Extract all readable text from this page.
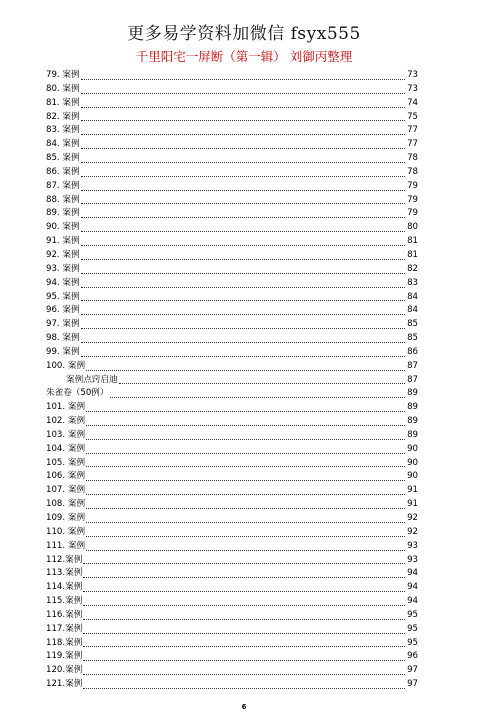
更多易学资料加微信 fsyx555
千里阳宅一屏断（第一辑） 刘御丙整理
79. 案例	73
80. 案例	73
81. 案例	74
82. 案例	75
83. 案例	77
84. 案例	77
85. 案例	78
86. 案例	78
87. 案例	79
88. 案例	79
89. 案例	79
90. 案例	80
91. 案例	81
92. 案例	81
93. 案例	82
94. 案例	83
95. 案例	84
96. 案例	84
97. 案例	85
98. 案例	85
99. 案例	86
100. 案例	87
案例点窍启迪	87
朱雀卷（50例）	89
101. 案例	89
102. 案例	89
103. 案例	89
104. 案例	90
105. 案例	90
106. 案例	90
107. 案例	91
108. 案例	91
109. 案例	92
110. 案例	92
111. 案例	93
112.案例	93
113.案例	94
114.案例	94
115.案例	94
116.案例	95
117.案例	95
118.案例	95
119.案例	96
120.案例	97
121.案例	97
6
